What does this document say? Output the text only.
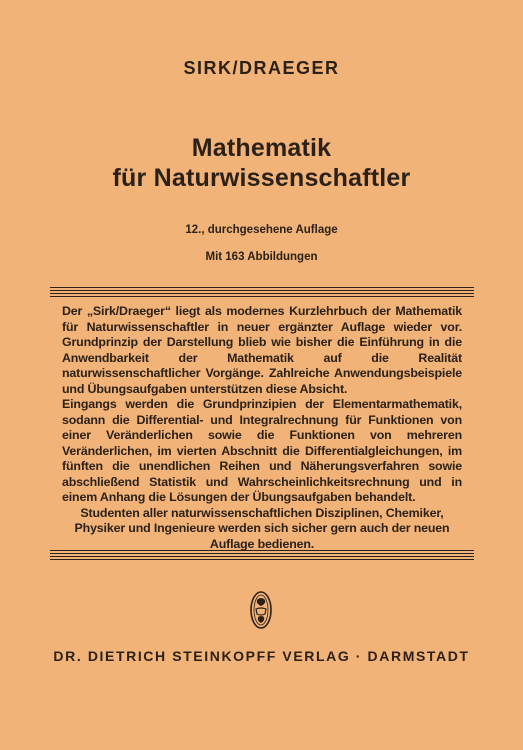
SIRK/DRAEGER
Mathematik
für Naturwissenschaftler
12., durchgesehene Auflage
Mit 163 Abbildungen

Der „Sirk/Draeger“ liegt als modernes Kurzlehrbuch der Mathematik für Naturwissenschaftler in neuer ergänzter Auflage wieder vor. Grundprinzip der Darstellung blieb wie bisher die Einführung in die Anwendbarkeit der Mathematik auf die Realität naturwissenschaftlicher Vorgänge. Zahlreiche Anwendungsbeispiele und Übungsaufgaben unterstützen diese Absicht.

Eingangs werden die Grundprinzipien der Elementarmathematik, sodann die Differential- und Integralrechnung für Funktionen von einer Veränderlichen sowie die Funktionen von mehreren Veränderlichen, im vierten Abschnitt die Differentialgleichungen, im fünften die unendlichen Reihen und Näherungsverfahren sowie abschließend Statistik und Wahrscheinlichkeitsrechnung und in einem Anhang die Lösungen der Übungsaufgaben behandelt.

Studenten aller naturwissenschaftlichen Disziplinen, Chemiker, Physiker und Ingenieure werden sich sicher gern auch der neuen Auflage bedienen.

DR. DIETRICH STEINKOPFF VERLAG · DARMSTADT
